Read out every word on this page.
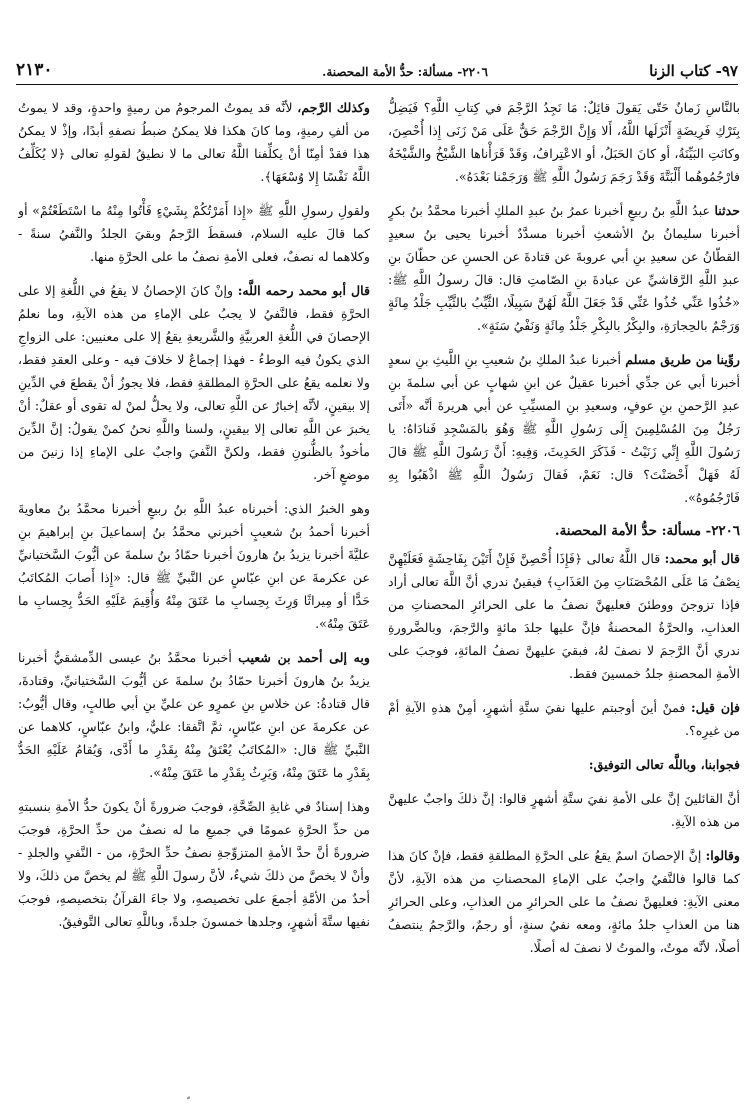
٩٧- كتاب الزنا
٢٢٠٦- مسألة: حدُّ الأمة المحصنة.
٢١٣٠

بالنَّاسِ زَمانٌ حَتّى يَقولَ قائِلٌ: مَا نَجِدُ الرَّجْمَ في كِتابِ اللَّهِ؟ فَيَضِلُّ بِتَرْكِ فَرِيضَةٍ أَنْزَلَها اللَّهُ، أَلا وَإِنَّ الرَّجْمَ حَقٌّ عَلَى مَنْ زَنَى إِذا أُحْصِنَ، وكانَتِ البَيِّنَةُ، أو كانَ الحَبَلُ، أو الاعْتِرافُ، وَقَدْ قَرَأْناها الشَّيْخُ والشَّيْخَةُ فارْجُمُوهُما أَلْبَتَّةَ وَقَدْ رَجَمَ رَسُولُ اللَّهِ ﷺ وَرَجَمْنا بَعْدَهُ».

حدثنا عبدُ اللَّهِ بنُ ربيعٍ أخبرنا عمرُ بنُ عبدِ الملكِ أخبرنا محمَّدُ بنُ بكرٍ أخبرنا سليمانُ بنُ الأشعثِ أخبرنا مسدَّدٌ أخبرنا يحيى بنُ سعيدٍ القطّانُ عن سعيدِ بنِ أبي عروبةَ عن قتادةَ عن الحسنِ عن حطّانَ بنِ عبدِ اللَّهِ الرَّقاشيِّ عن عبادةَ بنِ الصّامتِ قال: قالَ رسولُ اللَّهِ ﷺ: «خُذُوا عَنِّي خُذُوا عَنِّي قَدْ جَعَلَ اللَّهُ لَهُنَّ سَبِيلًا، الثَّيِّبُ بالثَّيِّبِ جَلْدُ مِائَةٍ وَرَجْمٌ بالحِجارَةِ، والبِكْرُ بالبِكْرِ جَلْدُ مِائَةٍ وَنَفْيُ سَنَةٍ».

روِّينا من طريق مسلم أخبرنا عبدُ الملكِ بنُ شعيبِ بنِ اللَّيثِ بنِ سعدٍ أخبرنا أبي عن جدِّي أخبرنا عقيلٌ عن ابنِ شهابٍ عن أبي سلمةَ بنِ عبدِ الرَّحمنِ بنِ عوفٍ، وسعيدِ بنِ المسيِّبِ عن أبي هريرةَ أنَّه «أَتَى رَجُلٌ مِنَ المُسْلِمِينَ إِلَى رَسُولِ اللَّهِ ﷺ وَهُوَ بالمَسْجِدِ فَنادَاهُ: يا رَسُولَ اللَّهِ إِنِّي زَنَيْتُ - فَذَكَرَ الحَدِيثَ، وَفِيهِ: أَنَّ رَسُولَ اللَّهِ ﷺ قالَ لَهُ فَهَلْ أَحْصَنْتَ؟ قال: نَعَمْ، فَقالَ رَسُولُ اللَّهِ ﷺ اذْهَبُوا بِهِ فَارْجُمُوهُ».

٢٢٠٦- مسألة: حدُّ الأمة المحصنة.

قال أبو محمد: قال اللَّهُ تعالى ﴿فَإِذَا أُحْصِنَّ فَإِنْ أَتَيْنَ بِفَاحِشَةٍ فَعَلَيْهِنَّ نِصْفُ مَا عَلَى المُحْصَنَاتِ مِنَ العَذَابِ﴾ فيقينٌ ندري أنَّ اللَّهَ تعالى أراد فإذا تزوجنَ ووطئنَ فعليهنَّ نصفُ ما على الحرائرِ المحصناتِ من العذابِ، والحرَّةُ المحصنةُ فإنَّ عليها جلدَ مائةٍ والرَّجمَ، وبالضَّرورةِ ندري أنَّ الرَّجمَ لا نصفَ لهُ، فبقيَ عليهنَّ نصفُ المائةِ، فوجبَ على الأمةِ المحصنةِ جلدُ خمسينَ فقط.

فإن قيل: فمنْ أينَ أوجبتم عليها نفيَ ستَّةِ أشهرٍ، أمِنْ هذهِ الآيةِ أمْ من غيرِه؟.

فجوابنا، وباللَّه تعالى التوفيق:

أنَّ القائلينَ إنَّ على الأمةِ نفيَ ستَّةِ أشهرٍ قالوا: إنَّ ذلكَ واجبٌ عليهنَّ من هذه الآيةِ.

وقالوا: إنَّ الإحصانَ اسمٌ يقعُ على الحرَّةِ المطلقةِ فقط، فإنْ كانَ هذا كما قالوا فالنَّفيُ واجبٌ على الإماءِ المحصناتِ من هذه الآيةِ، لأنَّ معنى الآيةِ: فعليهنَّ نصفُ ما على الحرائرِ من العذابِ، وعلى الحرائرِ هنا من العذابِ جلدُ مائةٍ، ومعه نفيُ سنةٍ، أو رجمٌ، والرَّجمُ ينتصفُ أصلًا، لأنَّه موتٌ، والموتُ لا نصفَ له أصلًا.

وكذلك الرَّجم، لأنَّه قد يموتُ المرجومُ من رميةٍ واحدةٍ، وقد لا يموتُ من ألفِ رميةٍ، وما كانَ هكذا فلا يمكنُ ضبطُ نصفهِ أبدًا، وإذْ لا يمكنُ هذا فقدْ أمِنّا أنْ يكلِّفنا اللَّهُ تعالى ما لا نطيقُ لقولهِ تعالى ﴿لا يُكَلِّفُ اللَّهُ نَفْسًا إِلا وُسْعَهَا﴾.

ولقولِ رسولِ اللَّهِ ﷺ «إِذا أَمَرْتُكُمْ بِشَيْءٍ فَأْتُوا مِنْهُ ما اسْتَطَعْتُمْ» أو كما قالَ عليه السلام، فسقطَ الرَّجمُ وبقيَ الجلدُ والنَّفيُ سنةً - وكلاهما له نصفٌ، فعلى الأمةِ نصفُ ما على الحرَّةِ منها.

قال أبو محمد رحمه اللَّه: وإنْ كانَ الإحصانُ لا يقعُ في اللُّغةِ إلا على الحرَّةِ فقط، فالنَّفيُ لا يجبُ على الإماءِ من هذه الآيةِ، وما نعلمُ الإحصانَ في اللُّغةِ العربيَّةِ والشَّريعةِ يقعُ إلا على معنيين: على الزواجِ الذي يكونُ فيه الوطءُ - فهذا إجماعٌ لا خلافَ فيه - وعلى العقدِ فقط، ولا نعلمه يقعُ على الحرَّةِ المطلقةِ فقط، فلا يجوزُ أنْ يقطعَ في الدِّينِ إلا بيقينٍ، لأنَّه إخبارٌ عن اللَّهِ تعالى، ولا يحلُّ لمنْ له تقوى أو عقلٌ: أنْ يخبرَ عن اللَّهِ تعالى إلا بيقينٍ، ولسنا واللَّهِ نحنُ كمنْ يقولُ: إنَّ الدِّينَ مأخوذٌ بالظُّنونِ فقط، ولكنَّ النَّفيَ واجبٌ على الإماءِ إذا زنينَ من موضعٍ آخر.

وهو الخبرُ الذي: أخبرناه عبدُ اللَّهِ بنُ ربيعٍ أخبرنا محمَّدُ بنُ معاويةَ أخبرنا أحمدُ بنُ شعيبٍ أخبرني محمَّدُ بنُ إسماعيلَ بنِ إبراهيمَ بنِ عليَّةَ أخبرنا يزيدُ بنُ هارونَ أخبرنا حمّادُ بنُ سلمةَ عن أيُّوبَ السَّختيانيِّ عن عكرمةَ عن ابنِ عبّاسٍ عن النَّبيِّ ﷺ قال: «إِذا أَصابَ المُكاتَبُ حَدًّا أو مِيراثًا وَرِثَ بِحِسابِ ما عَتَقَ مِنْهُ وَأُقِيمَ عَلَيْهِ الحَدُّ بِحِسابِ ما عَتَقَ مِنْهُ».

وبه إلى أحمد بن شعيب أخبرنا محمَّدُ بنُ عيسى الدِّمشقيُّ أخبرنا يزيدُ بنُ هارونَ أخبرنا حمّادُ بنُ سلمةَ عن أيُّوبَ السَّختيانيِّ، وقتادةَ، قال قتادةُ: عن خلاسِ بنِ عمرٍو عن عليِّ بنِ أبي طالبٍ، وقال أيُّوبُ: عن عكرمةَ عن ابنِ عبّاسٍ، ثمَّ اتَّفقا: عليٌّ، وابنُ عبّاسٍ، كلاهما عن النَّبيِّ ﷺ قال: «المُكاتَبُ يُعْتَقُ مِنْهُ بِقَدْرِ ما أَدَّى، وَيُقامُ عَلَيْهِ الحَدُّ بِقَدْرِ ما عَتَقَ مِنْهُ، وَيَرِثُ بِقَدْرِ ما عَتَقَ مِنْهُ».

وهذا إسنادٌ في غايةِ الصِّحَّةِ، فوجبَ ضرورةً أنْ يكونَ حدُّ الأمةِ بنسبتهِ من حدِّ الحرَّةِ عمومًا في جميعِ ما له نصفٌ من حدِّ الحرَّةِ، فوجبَ ضرورةً أنَّ حدَّ الأمةِ المتزوِّجةِ نصفُ حدِّ الحرَّةِ، من - النَّفيِ والجلدِ - وأنْ لا يخصَّ من ذلكَ شيءٌ، لأنَّ رسولَ اللَّهِ ﷺ لم يخصَّ من ذلكَ، ولا أحدٌ من الأمَّةِ أجمعَ على تخصيصهِ، ولا جاءَ القرآنُ بتخصيصهِ، فوجبَ نفيها ستَّةَ أشهرٍ، وجلدها خمسونَ جلدةً، وباللَّهِ تعالى التَّوفيقُ.
